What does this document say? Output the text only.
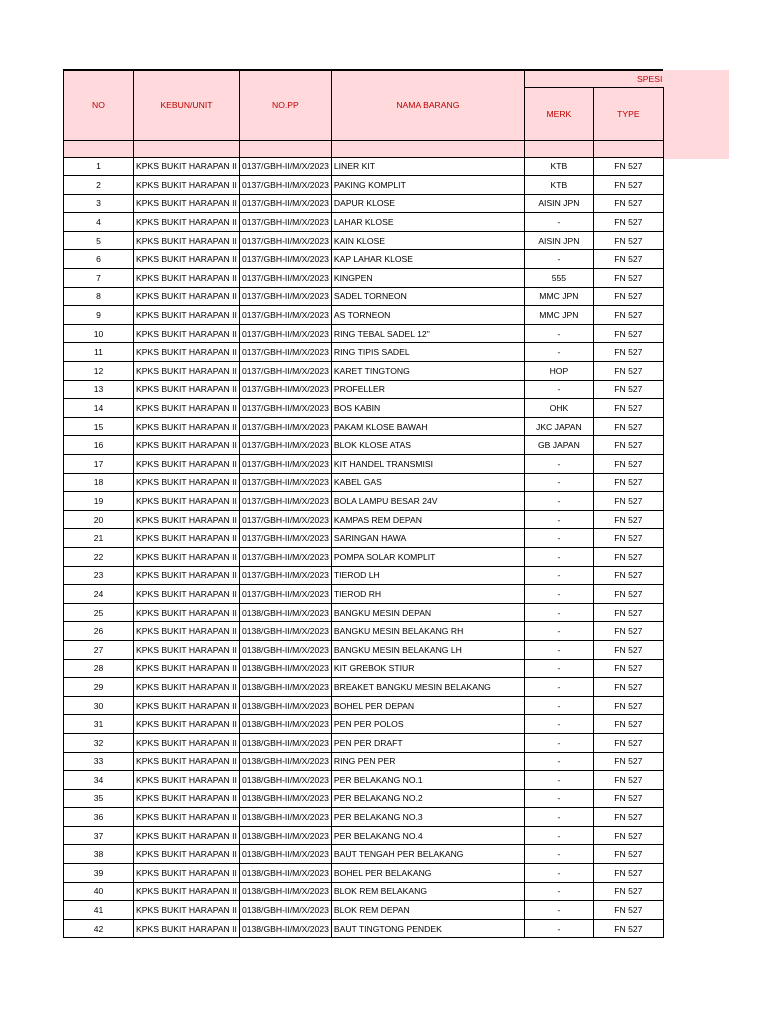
NO	KEBUN/UNIT	NO.PP	NAMA BARANG	SPESI	
				MERK	TYPE

1	KPKS BUKIT HARAPAN II	0137/GBH-II/M/X/2023	LINER KIT	KTB	FN 527
2	KPKS BUKIT HARAPAN II	0137/GBH-II/M/X/2023	PAKING KOMPLIT	KTB	FN 527
3	KPKS BUKIT HARAPAN II	0137/GBH-II/M/X/2023	DAPUR KLOSE	AISIN JPN	FN 527
4	KPKS BUKIT HARAPAN II	0137/GBH-II/M/X/2023	LAHAR KLOSE	-	FN 527
5	KPKS BUKIT HARAPAN II	0137/GBH-II/M/X/2023	KAIN KLOSE	AISIN JPN	FN 527
6	KPKS BUKIT HARAPAN II	0137/GBH-II/M/X/2023	KAP LAHAR KLOSE	-	FN 527
7	KPKS BUKIT HARAPAN II	0137/GBH-II/M/X/2023	KINGPEN	555	FN 527
8	KPKS BUKIT HARAPAN II	0137/GBH-II/M/X/2023	SADEL TORNEON	MMC JPN	FN 527
9	KPKS BUKIT HARAPAN II	0137/GBH-II/M/X/2023	AS TORNEON	MMC JPN	FN 527
10	KPKS BUKIT HARAPAN II	0137/GBH-II/M/X/2023	RING TEBAL SADEL 12"	-	FN 527
11	KPKS BUKIT HARAPAN II	0137/GBH-II/M/X/2023	RING TIPIS SADEL	-	FN 527
12	KPKS BUKIT HARAPAN II	0137/GBH-II/M/X/2023	KARET TINGTONG	HOP	FN 527
13	KPKS BUKIT HARAPAN II	0137/GBH-II/M/X/2023	PROFELLER	-	FN 527
14	KPKS BUKIT HARAPAN II	0137/GBH-II/M/X/2023	BOS KABIN	OHK	FN 527
15	KPKS BUKIT HARAPAN II	0137/GBH-II/M/X/2023	PAKAM KLOSE BAWAH	JKC JAPAN	FN 527
16	KPKS BUKIT HARAPAN II	0137/GBH-II/M/X/2023	BLOK KLOSE ATAS	GB JAPAN	FN 527
17	KPKS BUKIT HARAPAN II	0137/GBH-II/M/X/2023	KIT HANDEL TRANSMISI	-	FN 527
18	KPKS BUKIT HARAPAN II	0137/GBH-II/M/X/2023	KABEL GAS	-	FN 527
19	KPKS BUKIT HARAPAN II	0137/GBH-II/M/X/2023	BOLA LAMPU BESAR 24V	-	FN 527
20	KPKS BUKIT HARAPAN II	0137/GBH-II/M/X/2023	KAMPAS REM DEPAN	-	FN 527
21	KPKS BUKIT HARAPAN II	0137/GBH-II/M/X/2023	SARINGAN HAWA	-	FN 527
22	KPKS BUKIT HARAPAN II	0137/GBH-II/M/X/2023	POMPA SOLAR KOMPLIT	-	FN 527
23	KPKS BUKIT HARAPAN II	0137/GBH-II/M/X/2023	TIEROD LH	-	FN 527
24	KPKS BUKIT HARAPAN II	0137/GBH-II/M/X/2023	TIEROD RH	-	FN 527
25	KPKS BUKIT HARAPAN II	0138/GBH-II/M/X/2023	BANGKU MESIN DEPAN	-	FN 527
26	KPKS BUKIT HARAPAN II	0138/GBH-II/M/X/2023	BANGKU MESIN BELAKANG RH	-	FN 527
27	KPKS BUKIT HARAPAN II	0138/GBH-II/M/X/2023	BANGKU MESIN BELAKANG LH	-	FN 527
28	KPKS BUKIT HARAPAN II	0138/GBH-II/M/X/2023	KIT GREBOK STIUR	-	FN 527
29	KPKS BUKIT HARAPAN II	0138/GBH-II/M/X/2023	BREAKET BANGKU MESIN BELAKANG	-	FN 527
30	KPKS BUKIT HARAPAN II	0138/GBH-II/M/X/2023	BOHEL PER DEPAN	-	FN 527
31	KPKS BUKIT HARAPAN II	0138/GBH-II/M/X/2023	PEN PER POLOS	-	FN 527
32	KPKS BUKIT HARAPAN II	0138/GBH-II/M/X/2023	PEN PER DRAFT	-	FN 527
33	KPKS BUKIT HARAPAN II	0138/GBH-II/M/X/2023	RING PEN PER	-	FN 527
34	KPKS BUKIT HARAPAN II	0138/GBH-II/M/X/2023	PER BELAKANG NO.1	-	FN 527
35	KPKS BUKIT HARAPAN II	0138/GBH-II/M/X/2023	PER BELAKANG NO.2	-	FN 527
36	KPKS BUKIT HARAPAN II	0138/GBH-II/M/X/2023	PER BELAKANG NO.3	-	FN 527
37	KPKS BUKIT HARAPAN II	0138/GBH-II/M/X/2023	PER BELAKANG NO.4	-	FN 527
38	KPKS BUKIT HARAPAN II	0138/GBH-II/M/X/2023	BAUT TENGAH PER BELAKANG	-	FN 527
39	KPKS BUKIT HARAPAN II	0138/GBH-II/M/X/2023	BOHEL PER BELAKANG	-	FN 527
40	KPKS BUKIT HARAPAN II	0138/GBH-II/M/X/2023	BLOK REM BELAKANG	-	FN 527
41	KPKS BUKIT HARAPAN II	0138/GBH-II/M/X/2023	BLOK REM DEPAN	-	FN 527
42	KPKS BUKIT HARAPAN II	0138/GBH-II/M/X/2023	BAUT TINGTONG PENDEK	-	FN 527
